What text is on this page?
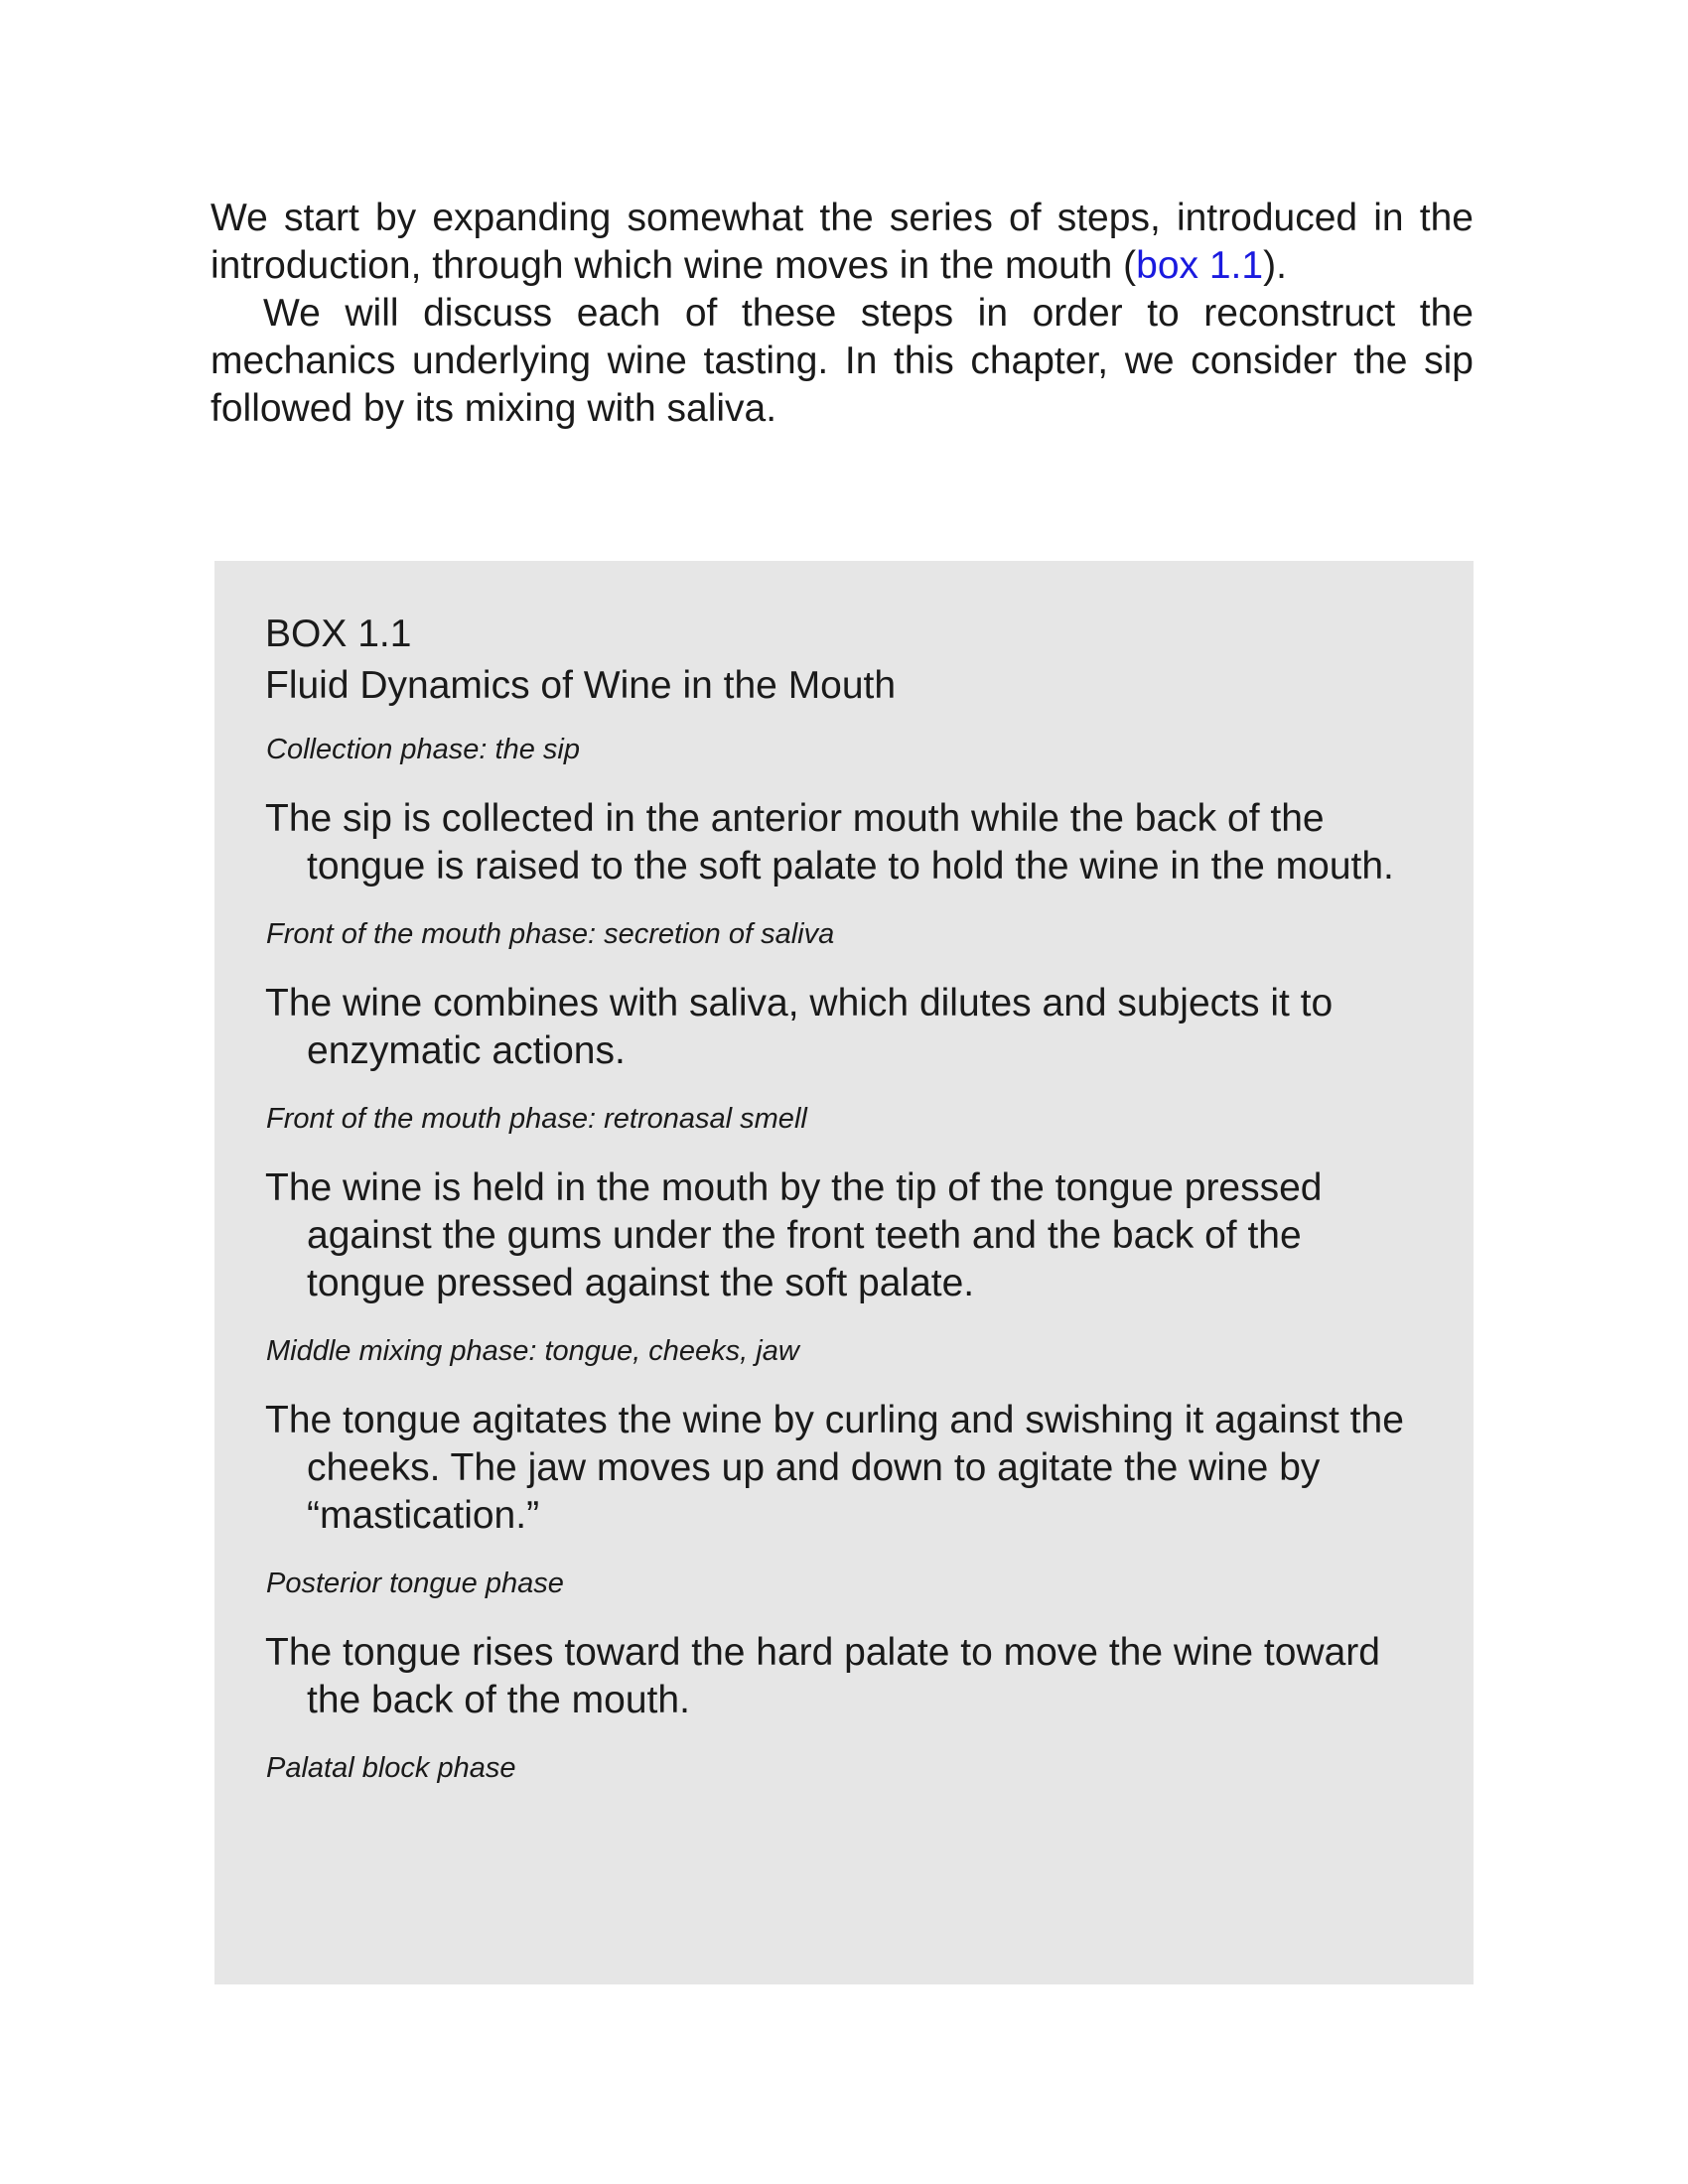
We start by expanding somewhat the series of steps, introduced in the introduction, through which wine moves in the mouth (box 1.1).

We will discuss each of these steps in order to reconstruct the mechanics underlying wine tasting. In this chapter, we consider the sip followed by its mixing with saliva.

BOX 1.1
Fluid Dynamics of Wine in the Mouth
Collection phase: the sip
The sip is collected in the anterior mouth while the back of the tongue is raised to the soft palate to hold the wine in the mouth.
Front of the mouth phase: secretion of saliva
The wine combines with saliva, which dilutes and subjects it to enzymatic actions.
Front of the mouth phase: retronasal smell
The wine is held in the mouth by the tip of the tongue pressed against the gums under the front teeth and the back of the tongue pressed against the soft palate.
Middle mixing phase: tongue, cheeks, jaw
The tongue agitates the wine by curling and swishing it against the cheeks. The jaw moves up and down to agitate the wine by “mastication.”
Posterior tongue phase
The tongue rises toward the hard palate to move the wine toward the back of the mouth.
Palatal block phase
